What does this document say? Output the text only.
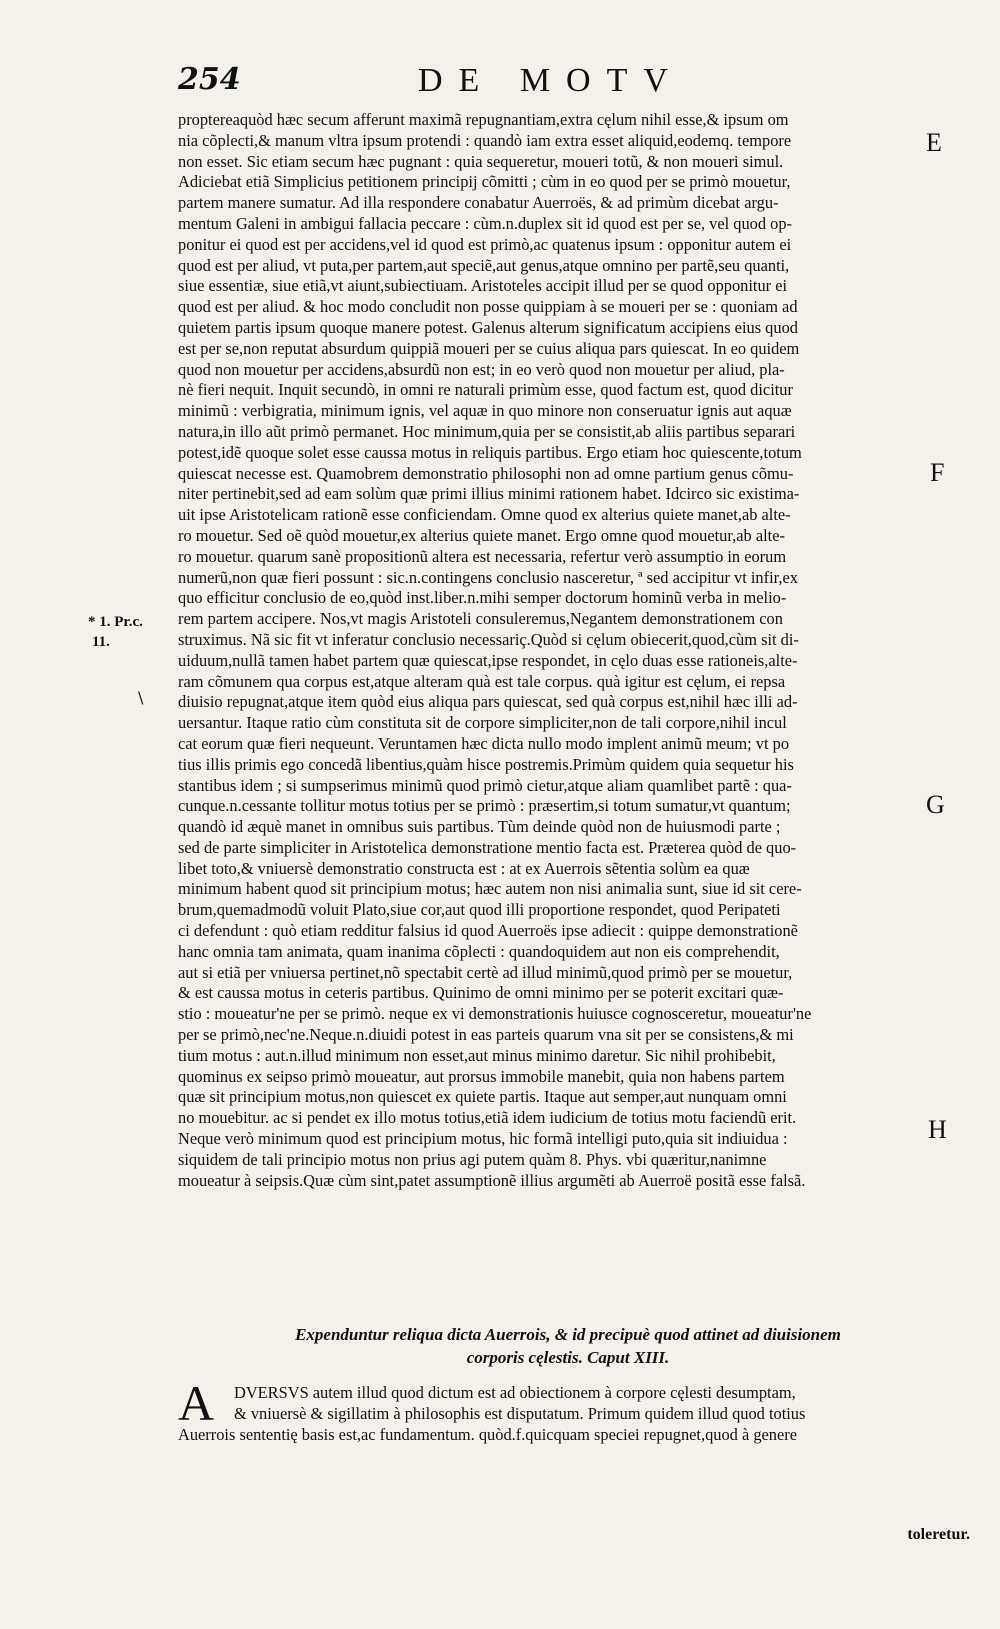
254	DE MOTV
E
F
G
H
* 1. Pr.c.
11.
\
proptereaquòd hæc secum afferunt maximã repugnantiam,extra cęlum nihil esse,& ipsum om
nia cõplecti,& manum vltra ipsum protendi : quandò iam extra esset aliquid,eodemq. tempore
non esset. Sic etiam secum hæc pugnant : quia sequeretur, moueri totũ, & non moueri simul.
Adiciebat etiã Simplicius petitionem principij cõmitti ; cùm in eo quod per se primò mouetur,
partem manere sumatur. Ad illa respondere conabatur Auerroës, & ad primùm dicebat argu-
mentum Galeni in ambigui fallacia peccare : cùm.n.duplex sit id quod est per se, vel quod op-
ponitur ei quod est per accidens,vel id quod est primò,ac quatenus ipsum : opponitur autem ei
quod est per aliud, vt puta,per partem,aut speciẽ,aut genus,atque omnino per partẽ,seu quanti,
siue essentiæ, siue etiã,vt aiunt,subiectiuam. Aristoteles accipit illud per se quod opponitur ei
quod est per aliud. & hoc modo concludit non posse quippiam à se moueri per se : quoniam ad
quietem partis ipsum quoque manere potest. Galenus alterum significatum accipiens eius quod
est per se,non reputat absurdum quippiã moueri per se cuius aliqua pars quiescat. In eo quidem
quod non mouetur per accidens,absurdũ non est; in eo verò quod non mouetur per aliud, pla-
nè fieri nequit. Inquit secundò, in omni re naturali primùm esse, quod factum est, quod dicitur
minimũ : verbigratia, minimum ignis, vel aquæ in quo minore non conseruatur ignis aut aquæ
natura,in illo aũt primò permanet. Hoc minimum,quia per se consistit,ab aliis partibus separari
potest,idẽ quoque solet esse caussa motus in reliquis partibus. Ergo etiam hoc quiescente,totum
quiescat necesse est. Quamobrem demonstratio philosophi non ad omne partium genus cõmu-
niter pertinebit,sed ad eam solùm quæ primi illius minimi rationem habet. Idcirco sic existima-
uit ipse Aristotelicam rationẽ esse conficiendam. Omne quod ex alterius quiete manet,ab alte-
ro mouetur. Sed oẽ quòd mouetur,ex alterius quiete manet. Ergo omne quod mouetur,ab alte-
ro mouetur. quarum sanè propositionũ altera est necessaria, refertur verò assumptio in eorum
numerũ,non quæ fieri possunt : sic.n.contingens conclusio nasceretur, ª sed accipitur vt infir,ex
quo efficitur conclusio de eo,quòd inst.liber.n.mihi semper doctorum hominũ verba in melio-
rem partem accipere. Nos,vt magis Aristoteli consuleremus,Negantem demonstrationem con
struximus. Nã sic fit vt inferatur conclusio necessariç.Quòd si cęlum obiecerit,quod,cùm sit di-
uiduum,nullã tamen habet partem quæ quiescat,ipse respondet, in cęlo duas esse rationeis,alte-
ram cõmunem qua corpus est,atque alteram quà est tale corpus. quà igitur est cęlum, ei repsa
diuisio repugnat,atque item quòd eius aliqua pars quiescat, sed quà corpus est,nihil hæc illi ad-
uersantur. Itaque ratio cùm constituta sit de corpore simpliciter,non de tali corpore,nihil incul
cat eorum quæ fieri nequeunt. Veruntamen hæc dicta nullo modo implent animũ meum; vt po
tius illis primis ego concedã libentius,quàm hisce postremis.Primùm quidem quia sequetur his
stantibus idem ; si sumpserimus minimũ quod primò cietur,atque aliam quamlibet partẽ : qua-
cunque.n.cessante tollitur motus totius per se primò : præsertim,si totum sumatur,vt quantum;
quandò id æquè manet in omnibus suis partibus. Tùm deinde quòd non de huiusmodi parte ;
sed de parte simpliciter in Aristotelica demonstratione mentio facta est. Præterea quòd de quo-
libet toto,& vniuersè demonstratio constructa est : at ex Auerrois sẽtentia solùm ea quæ
minimum habent quod sit principium motus; hæc autem non nisi animalia sunt, siue id sit cere-
brum,quemadmodũ voluit Plato,siue cor,aut quod illi proportione respondet, quod Peripateti
ci defendunt : quò etiam redditur falsius id quod Auerroës ipse adiecit : quippe demonstrationẽ
hanc omnia tam animata, quam inanima cõplecti : quandoquidem aut non eis comprehendit,
aut si etiã per vniuersa pertinet,nõ spectabit certè ad illud minimũ,quod primò per se mouetur,
& est caussa motus in ceteris partibus. Quinimo de omni minimo per se poterit excitari quæ-
stio : moueatur'ne per se primò. neque ex vi demonstrationis huiusce cognosceretur, moueatur'ne
per se primò,nec'ne.Neque.n.diuidi potest in eas parteis quarum vna sit per se consistens,& mi
tium motus : aut.n.illud minimum non esset,aut minus minimo daretur. Sic nihil prohibebit,
quominus ex seipso primò moueatur, aut prorsus immobile manebit, quia non habens partem
quæ sit principium motus,non quiescet ex quiete partis. Itaque aut semper,aut nunquam omni
no mouebitur. ac si pendet ex illo motus totius,etiã idem iudicium de totius motu faciendũ erit.
Neque verò minimum quod est principium motus, hic formã intelligi puto,quia sit indiuidua :
siquidem de tali principio motus non prius agi putem quàm 8. Phys. vbi quæritur,nanimne
moueatur à seipsis.Quæ cùm sint,patet assumptionẽ illius argumẽti ab Auerroë positã esse falsã.
Expenduntur reliqua dicta Auerrois, & id precipuè quod attinet ad diuisionem
corporis cęlestis. Caput XIII.
A	DVERSVS autem illud quod dictum est ad obiectionem à corpore cęlesti desumptam,
& vniuersè & sigillatim à philosophis est disputatum. Primum quidem illud quod totius
Auerrois sententię basis est,ac fundamentum. quòd.f.quicquam speciei repugnet,quod à genere
toleretur.
